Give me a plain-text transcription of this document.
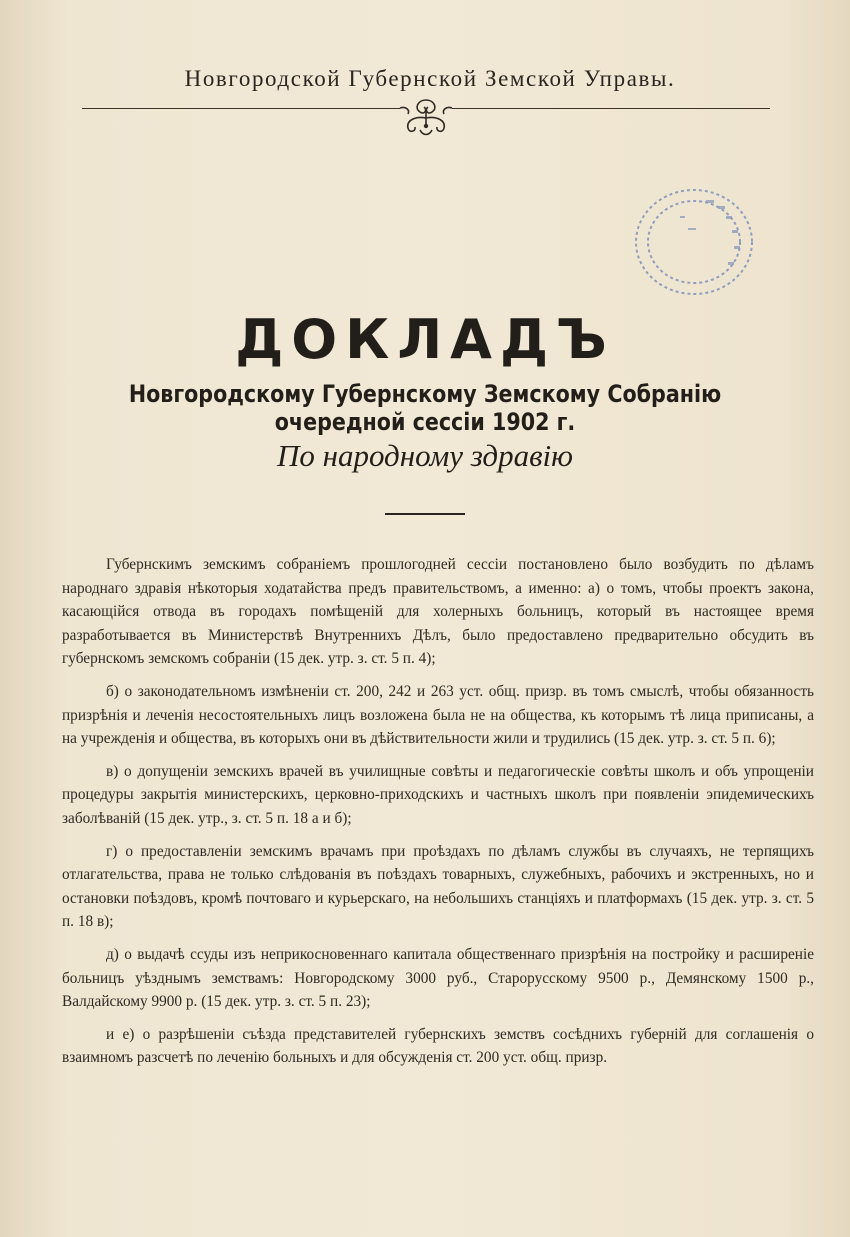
Новгородской Губернской Земской Управы.
ДОКЛАДЪ
Новгородскому Губернскому Земскому Собранію очередной сессіи 1902 г.
По народному здравію

Губернскимъ земскимъ собраніемъ прошлогодней сессіи постановлено было возбудить по дѣламъ народнаго здравія нѣкоторыя ходатайства предъ правительствомъ, а именно: а) о томъ, чтобы проектъ закона, касающійся отвода въ городахъ помѣщеній для холерныхъ больницъ, который въ настоящее время разработывается въ Министерствѣ Внутреннихъ Дѣлъ, было предоставлено предварительно обсудить въ губернскомъ земскомъ собраніи (15 дек. утр. з. ст. 5 п. 4);

б) о законодательномъ измѣненіи ст. 200, 242 и 263 уст. общ. призр. въ томъ смыслѣ, чтобы обязанность призрѣнія и леченія несостоятельныхъ лицъ возложена была не на общества, къ которымъ тѣ лица приписаны, а на учрежденія и общества, въ которыхъ они въ дѣйствительности жили и трудились (15 дек. утр. з. ст. 5 п. 6);

в) о допущеніи земскихъ врачей въ училищные совѣты и педагогическіе совѣты школъ и объ упрощеніи процедуры закрытія министерскихъ, церковно-приходскихъ и частныхъ школъ при появленіи эпидемическихъ заболѣваній (15 дек. утр., з. ст. 5 п. 18 а и б);

г) о предоставленіи земскимъ врачамъ при проѣздахъ по дѣламъ службы въ случаяхъ, не терпящихъ отлагательства, права не только слѣдованія въ поѣздахъ товарныхъ, служебныхъ, рабочихъ и экстренныхъ, но и остановки поѣздовъ, кромѣ почтоваго и курьерскаго, на небольшихъ станціяхъ и платформахъ (15 дек. утр. з. ст. 5 п. 18 в);

д) о выдачѣ ссуды изъ неприкосновеннаго капитала общественнаго призрѣнія на постройку и расширеніе больницъ уѣзднымъ земствамъ: Новгородскому 3000 руб., Старорусскому 9500 р., Демянскому 1500 р., Валдайскому 9900 р. (15 дек. утр. з. ст. 5 п. 23);

и е) о разрѣшеніи съѣзда представителей губернскихъ земствъ сосѣднихъ губерній для соглашенія о взаимномъ разсчетѣ по леченію больныхъ и для обсужденія ст. 200 уст. общ. призр.
